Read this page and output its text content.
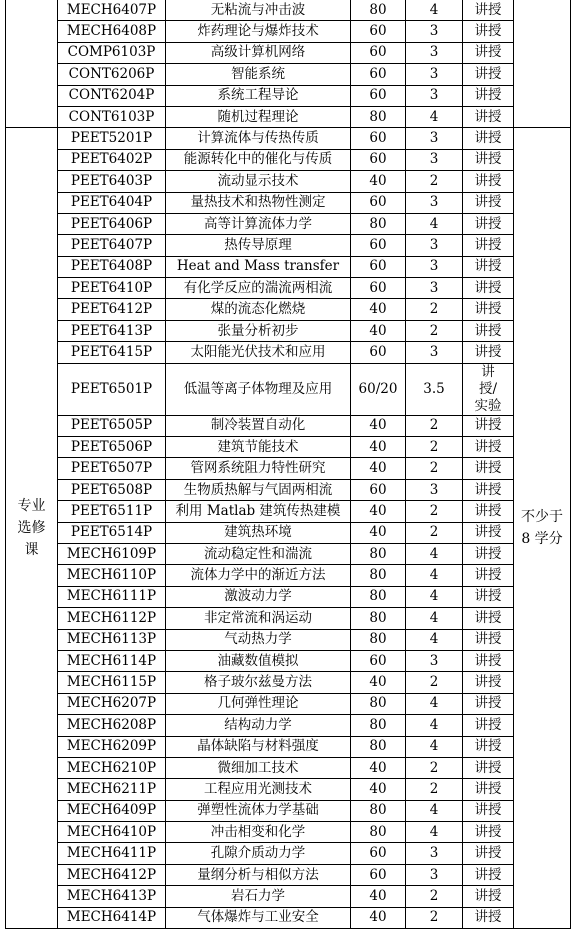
	MECH6407P	无粘流与冲击波	80	4	讲授	
	MECH6408P	炸药理论与爆炸技术	60	3	讲授	
	COMP6103P	高级计算机网络	60	3	讲授	
	CONT6206P	智能系统	60	3	讲授	
	CONT6204P	系统工程导论	60	3	讲授	
	CONT6103P	随机过程理论	80	4	讲授	
专业选修课	PEET5201P	计算流体与传热传质	60	3	讲授	不少于 8 学分
	PEET6402P	能源转化中的催化与传质	60	3	讲授	
	PEET6403P	流动显示技术	40	2	讲授	
	PEET6404P	量热技术和热物性测定	60	3	讲授	
	PEET6406P	高等计算流体力学	80	4	讲授	
	PEET6407P	热传导原理	60	3	讲授	
	PEET6408P	Heat and Mass transfer	60	3	讲授	
	PEET6410P	有化学反应的湍流两相流	60	3	讲授	
	PEET6412P	煤的流态化燃烧	40	2	讲授	
	PEET6413P	张量分析初步	40	2	讲授	
	PEET6415P	太阳能光伏技术和应用	60	3	讲授	
	PEET6501P	低温等离子体物理及应用	60/20	3.5	讲授/实验	
	PEET6505P	制冷装置自动化	40	2	讲授	
	PEET6506P	建筑节能技术	40	2	讲授	
	PEET6507P	管网系统阻力特性研究	40	2	讲授	
	PEET6508P	生物质热解与气固两相流	60	3	讲授	
	PEET6511P	利用 Matlab 建筑传热建模	40	2	讲授	
	PEET6514P	建筑热环境	40	2	讲授	
	MECH6109P	流动稳定性和湍流	80	4	讲授	
	MECH6110P	流体力学中的渐近方法	80	4	讲授	
	MECH6111P	激波动力学	80	4	讲授	
	MECH6112P	非定常流和涡运动	80	4	讲授	
	MECH6113P	气动热力学	80	4	讲授	
	MECH6114P	油藏数值模拟	60	3	讲授	
	MECH6115P	格子玻尔兹曼方法	40	2	讲授	
	MECH6207P	几何弹性理论	80	4	讲授	
	MECH6208P	结构动力学	80	4	讲授	
	MECH6209P	晶体缺陷与材料强度	80	4	讲授	
	MECH6210P	微细加工技术	40	2	讲授	
	MECH6211P	工程应用光测技术	40	2	讲授	
	MECH6409P	弹塑性流体力学基础	80	4	讲授	
	MECH6410P	冲击相变和化学	80	4	讲授	
	MECH6411P	孔隙介质动力学	60	3	讲授	
	MECH6412P	量纲分析与相似方法	60	3	讲授	
	MECH6413P	岩石力学	40	2	讲授	
	MECH6414P	气体爆炸与工业安全	40	2	讲授	
